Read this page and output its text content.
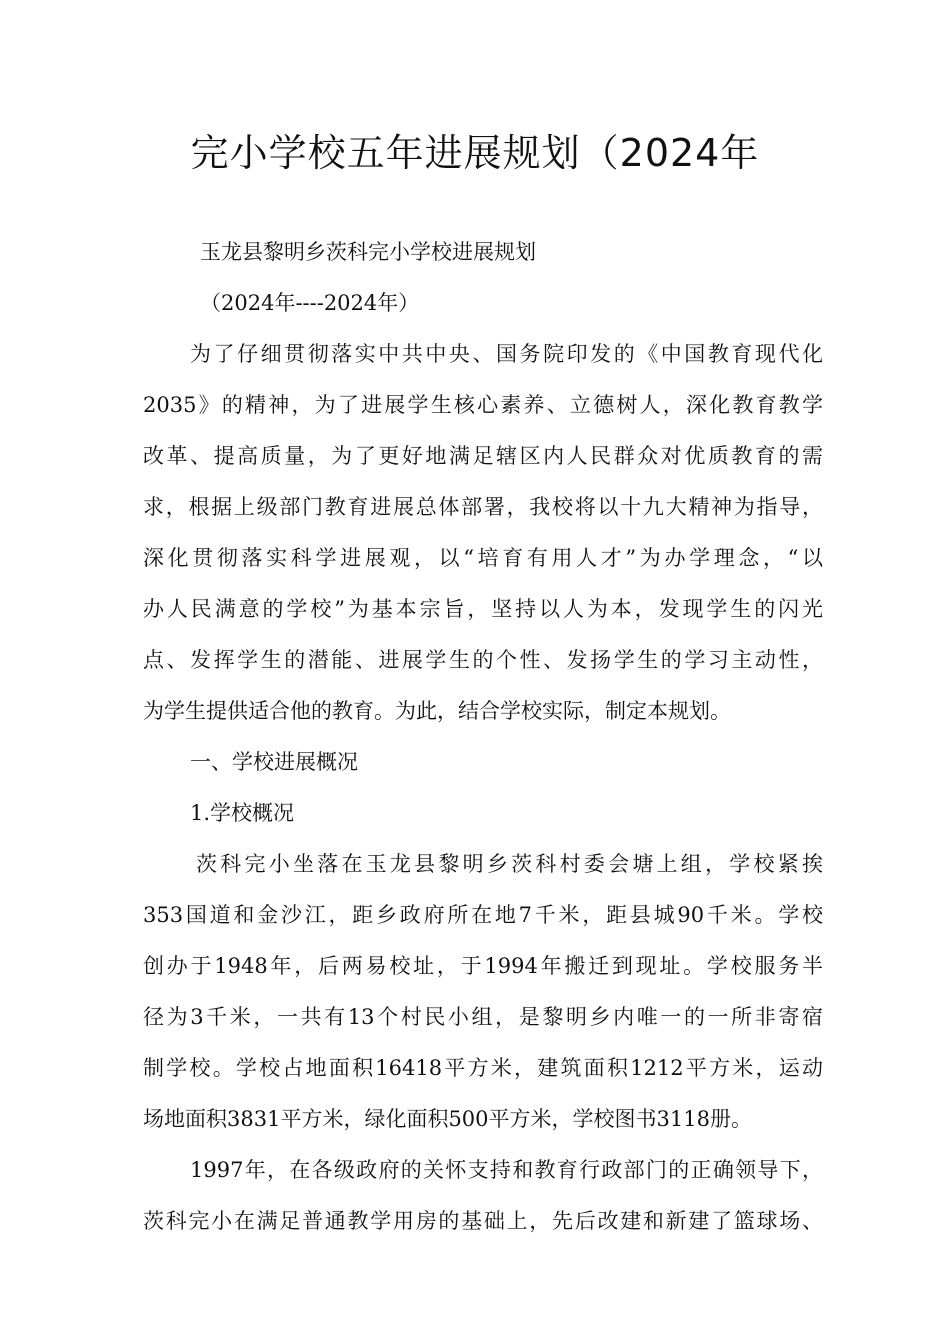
完小学校五年进展规划（2024年
玉龙县黎明乡茨科完小学校进展规划
（2024年----2024年）
为了仔细贯彻落实中共中央、国务院印发的《中国教育现代化
2035》的精神，为了进展学生核心素养、立德树人，深化教育教学
改革、提高质量，为了更好地满足辖区内人民群众对优质教育的需
求，根据上级部门教育进展总体部署，我校将以十九大精神为指导，
深化贯彻落实科学进展观，以“培育有用人才”为办学理念，“以
办人民满意的学校”为基本宗旨，坚持以人为本，发现学生的闪光
点、发挥学生的潜能、进展学生的个性、发扬学生的学习主动性，
为学生提供适合他的教育。为此，结合学校实际，制定本规划。
一、学校进展概况
1.学校概况
茨科完小坐落在玉龙县黎明乡茨科村委会塘上组，学校紧挨
353国道和金沙江，距乡政府所在地7千米，距县城90千米。学校
创办于1948年，后两易校址，于1994年搬迁到现址。学校服务半
径为3千米，一共有13个村民小组，是黎明乡内唯一的一所非寄宿
制学校。学校占地面积16418平方米，建筑面积1212平方米，运动
场地面积3831平方米，绿化面积500平方米，学校图书3118册。
1997年，在各级政府的关怀支持和教育行政部门的正确领导下，
茨科完小在满足普通教学用房的基础上，先后改建和新建了篮球场、
